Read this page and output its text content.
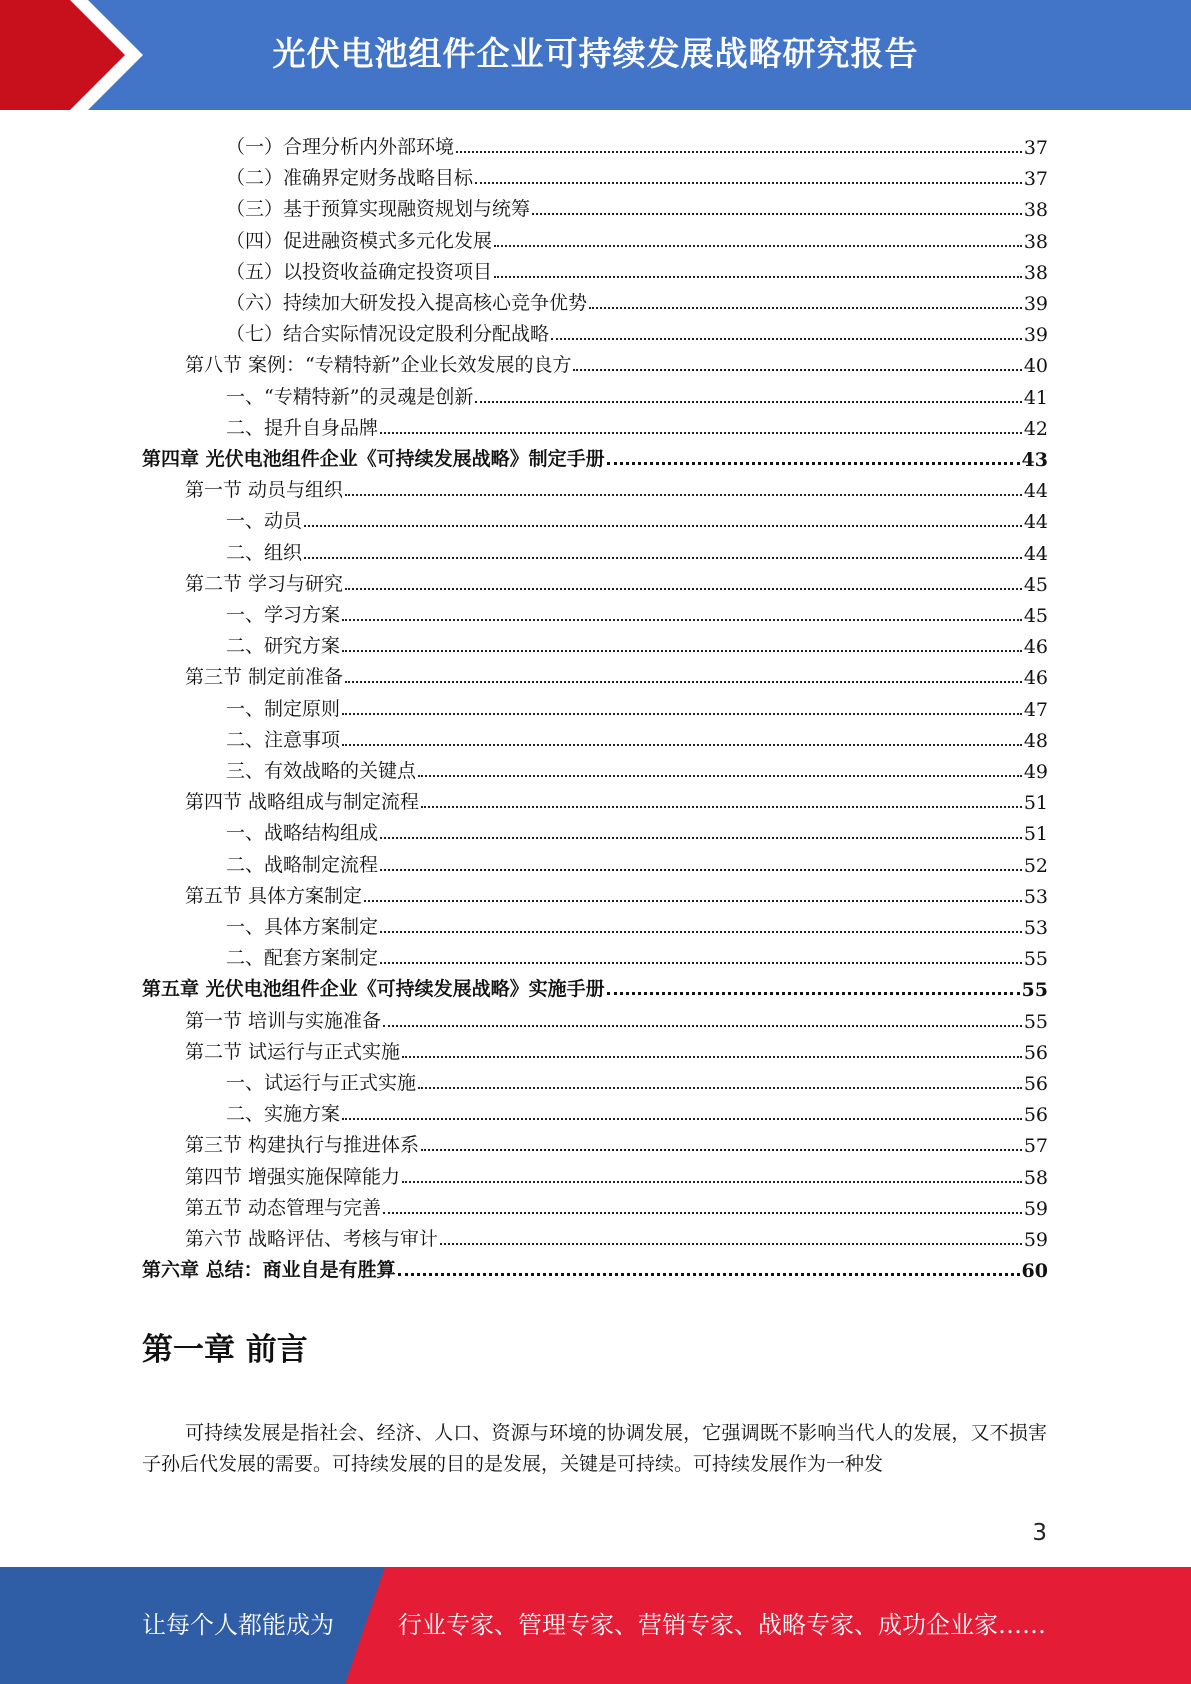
光伏电池组件企业可持续发展战略研究报告
（一）合理分析内外部环境	37
（二）准确界定财务战略目标	37
（三）基于预算实现融资规划与统筹	38
（四）促进融资模式多元化发展	38
（五）以投资收益确定投资项目	38
（六）持续加大研发投入提高核心竞争优势	39
（七）结合实际情况设定股利分配战略	39
第八节 案例：“专精特新”企业长效发展的良方	40
一、“专精特新”的灵魂是创新	41
二、提升自身品牌	42
第四章 光伏电池组件企业《可持续发展战略》制定手册	43
第一节 动员与组织	44
一、动员	44
二、组织	44
第二节 学习与研究	45
一、学习方案	45
二、研究方案	46
第三节 制定前准备	46
一、制定原则	47
二、注意事项	48
三、有效战略的关键点	49
第四节 战略组成与制定流程	51
一、战略结构组成	51
二、战略制定流程	52
第五节 具体方案制定	53
一、具体方案制定	53
二、配套方案制定	55
第五章 光伏电池组件企业《可持续发展战略》实施手册	55
第一节 培训与实施准备	55
第二节 试运行与正式实施	56
一、试运行与正式实施	56
二、实施方案	56
第三节 构建执行与推进体系	57
第四节 增强实施保障能力	58
第五节 动态管理与完善	59
第六节 战略评估、考核与审计	59
第六章 总结：商业自是有胜算	60
第一章 前言

可持续发展是指社会、经济、人口、资源与环境的协调发展，它强调既不影响当代人的发展，又不损害子孙后代发展的需要。可持续发展的目的是发展，关键是可持续。可持续发展作为一种发

3
让每个人都能成为	行业专家、管理专家、营销专家、战略专家、成功企业家……
